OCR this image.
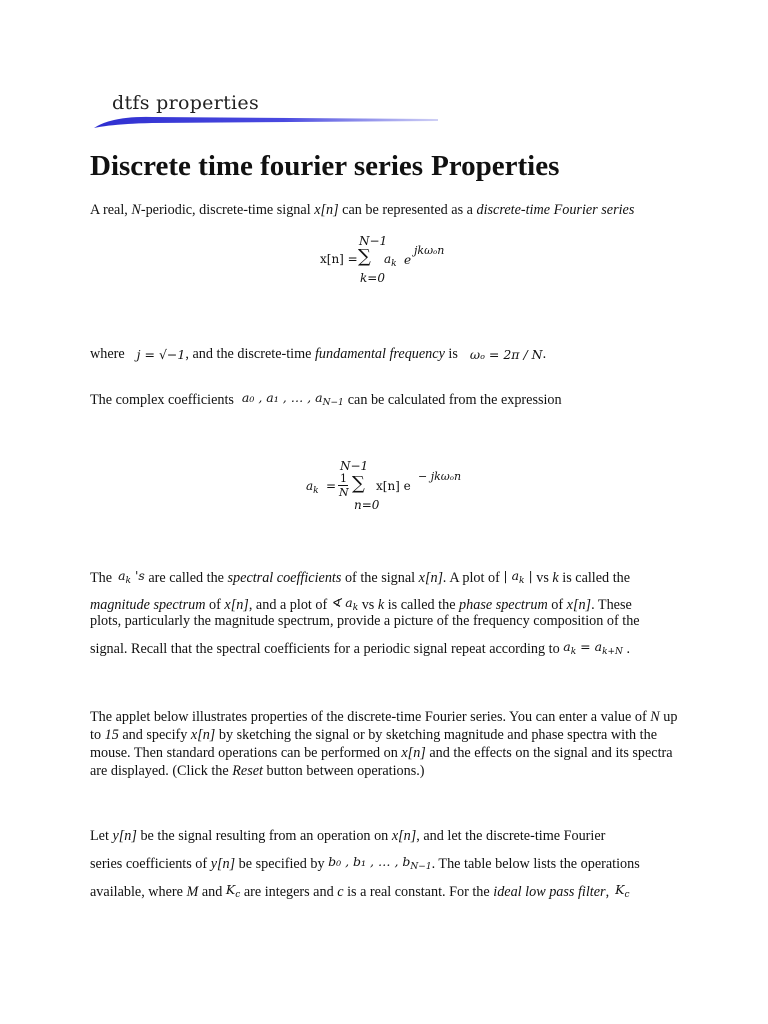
dtfs properties
Discrete time fourier series Properties

A real, N-periodic, discrete-time signal x[n] can be represented as a discrete-time Fourier series

N−1
x[n] = ∑ $a_k$ e
jkωₒn
k=0

where j = √−1, and the discrete-time fundamental frequency is ωₒ = 2π / N.

The complex coefficients a₀ , a₁ , … , $a_{N-1}$ can be calculated from the expression

N−1
$a_k$ =
1
N ∑ x[n] e
− jkωₒn
n=0

The $a_k$ 's are called the spectral coefficients of the signal x[n]. A plot of | $a_k$ | vs k is called the

magnitude spectrum of x[n], and a plot of ∢ $a_k$ vs k is called the phase spectrum of x[n]. These

plots, particularly the magnitude spectrum, provide a picture of the frequency composition of the

signal. Recall that the spectral coefficients for a periodic signal repeat according to $a_k = a_{k+N}$ .

The applet below illustrates properties of the discrete-time Fourier series. You can enter a value of N up to 15 and specify x[n] by sketching the signal or by sketching magnitude and phase spectra with the mouse. Then standard operations can be performed on x[n] and the effects on the signal and its spectra are displayed. (Click the Reset button between operations.)

Let y[n] be the signal resulting from an operation on x[n], and let the discrete-time Fourier

series coefficients of y[n] be specified by b₀ , b₁ , … , $b_{N-1}$. The table below lists the operations

available, where M and $K_c$ are integers and c is a real constant. For the ideal low pass filter, $K_c$
